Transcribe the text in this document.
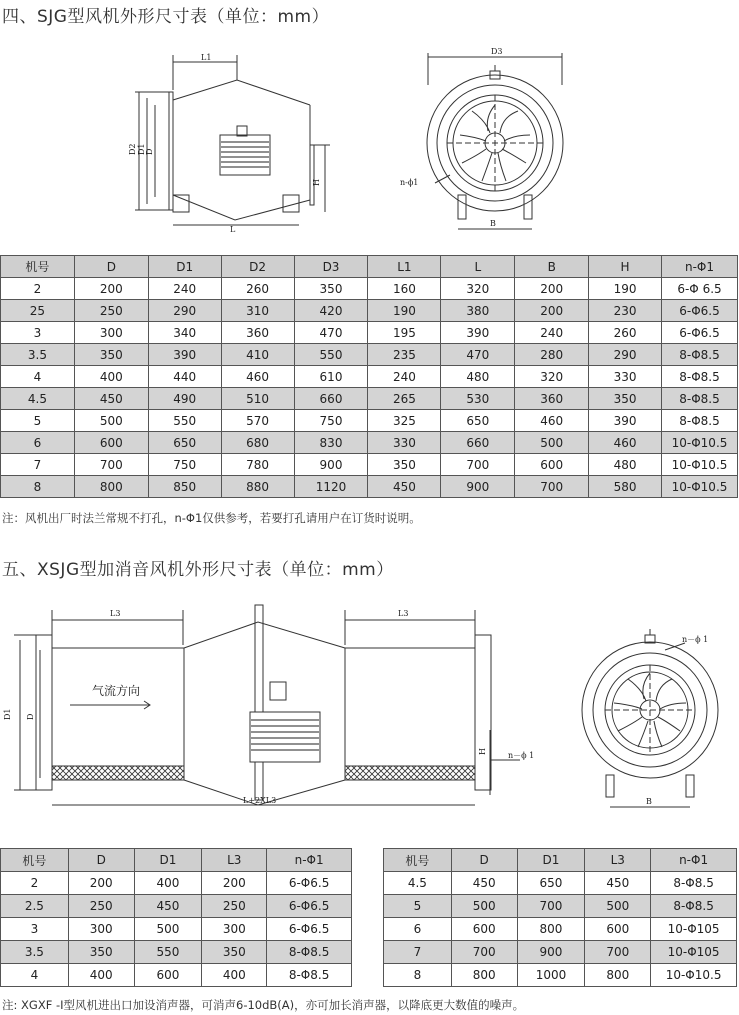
四、SJG型风机外形尺寸表（单位：mm）
L1
D2 D1 D
H
L
D3
n-ϕ1
B
机号	D	D1	D2	D3	L1	L	B	H	n-Φ1
2	200	240	260	350	160	320	200	190	6-Φ 6.5
25	250	290	310	420	190	380	200	230	6-Φ6.5
3	300	340	360	470	195	390	240	260	6-Φ6.5
3.5	350	390	410	550	235	470	280	290	8-Φ8.5
4	400	440	460	610	240	480	320	330	8-Φ8.5
4.5	450	490	510	660	265	530	360	350	8-Φ8.5
5	500	550	570	750	325	650	460	390	8-Φ8.5
6	600	650	680	830	330	660	500	460	10-Φ10.5
7	700	750	780	900	350	700	600	480	10-Φ10.5
8	800	850	880	1120	450	900	700	580	10-Φ10.5
注：风机出厂时法兰常规不打孔，n-Φ1仅供参考，若要打孔请用户在订货时说明。
五、XSJG型加消音风机外形尺寸表（单位：mm）
L3	L3
D1 D
气流方向
L+2XL3
H	n－ϕ 1
n－ϕ 1
B
机号	D	D1	L3	n-Φ1
2	200	400	200	6-Φ6.5
2.5	250	450	250	6-Φ6.5
3	300	500	300	6-Φ6.5
3.5	350	550	350	8-Φ8.5
4	400	600	400	8-Φ8.5
机号	D	D1	L3	n-Φ1
4.5	450	650	450	8-Φ8.5
5	500	700	500	8-Φ8.5
6	600	800	600	10-Φ105
7	700	900	700	10-Φ105
8	800	1000	800	10-Φ10.5
注: XGXF -I型风机进出口加设消声器，可消声6-10dB(A)，亦可加长消声器，以降底更大数值的噪声。
